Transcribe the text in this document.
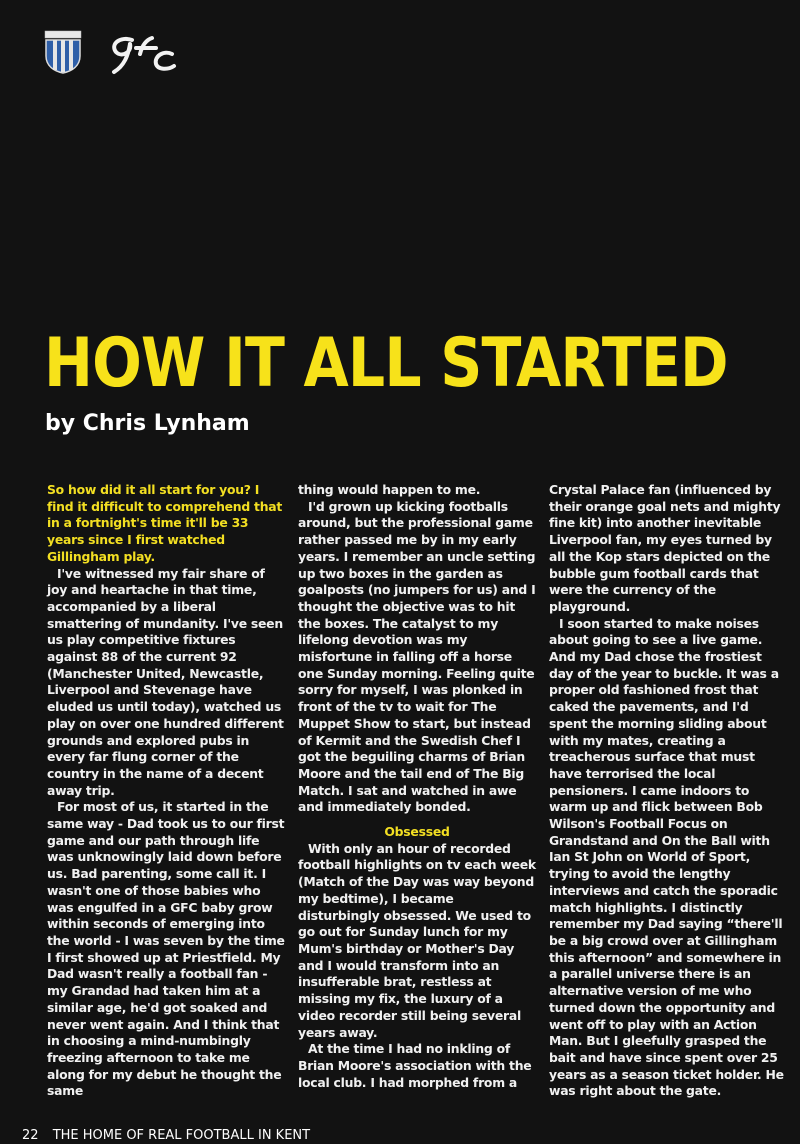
HOW IT ALL STARTED
by Chris Lynham

So how did it all start for you? I find it difficult to comprehend that in a fortnight's time it'll be 33 years since I first watched Gillingham play.

I've witnessed my fair share of joy and heartache in that time, accompanied by a liberal smattering of mundanity. I've seen us play competitive fixtures against 88 of the current 92 (Manchester United, Newcastle, Liverpool and Stevenage have eluded us until today), watched us play on over one hundred different grounds and explored pubs in every far flung corner of the country in the name of a decent away trip.

For most of us, it started in the same way - Dad took us to our first game and our path through life was unknowingly laid down before us. Bad parenting, some call it. I wasn't one of those babies who was engulfed in a GFC baby grow within seconds of emerging into the world - I was seven by the time I first showed up at Priestfield. My Dad wasn't really a football fan - my Grandad had taken him at a similar age, he'd got soaked and never went again. And I think that in choosing a mind-numbingly freezing afternoon to take me along for my debut he thought the same

thing would happen to me.

I'd grown up kicking footballs around, but the professional game rather passed me by in my early years. I remember an uncle setting up two boxes in the garden as goalposts (no jumpers for us) and I thought the objective was to hit the boxes. The catalyst to my lifelong devotion was my misfortune in falling off a horse one Sunday morning. Feeling quite sorry for myself, I was plonked in front of the tv to wait for The Muppet Show to start, but instead of Kermit and the Swedish Chef I got the beguiling charms of Brian Moore and the tail end of The Big Match. I sat and watched in awe and immediately bonded.

Obsessed

With only an hour of recorded football highlights on tv each week (Match of the Day was way beyond my bedtime), I became disturbingly obsessed. We used to go out for Sunday lunch for my Mum's birthday or Mother's Day and I would transform into an insufferable brat, restless at missing my fix, the luxury of a video recorder still being several years away.

At the time I had no inkling of Brian Moore's association with the local club. I had morphed from a

Crystal Palace fan (influenced by their orange goal nets and mighty fine kit) into another inevitable Liverpool fan, my eyes turned by all the Kop stars depicted on the bubble gum football cards that were the currency of the playground.

I soon started to make noises about going to see a live game. And my Dad chose the frostiest day of the year to buckle. It was a proper old fashioned frost that caked the pavements, and I'd spent the morning sliding about with my mates, creating a treacherous surface that must have terrorised the local pensioners. I came indoors to warm up and flick between Bob Wilson's Football Focus on Grandstand and On the Ball with Ian St John on World of Sport, trying to avoid the lengthy interviews and catch the sporadic match highlights. I distinctly remember my Dad saying “there'll be a big crowd over at Gillingham this afternoon” and somewhere in a parallel universe there is an alternative version of me who turned down the opportunity and went off to play with an Action Man. But I gleefully grasped the bait and have since spent over 25 years as a season ticket holder. He was right about the gate.

22 THE HOME OF REAL FOOTBALL IN KENT
